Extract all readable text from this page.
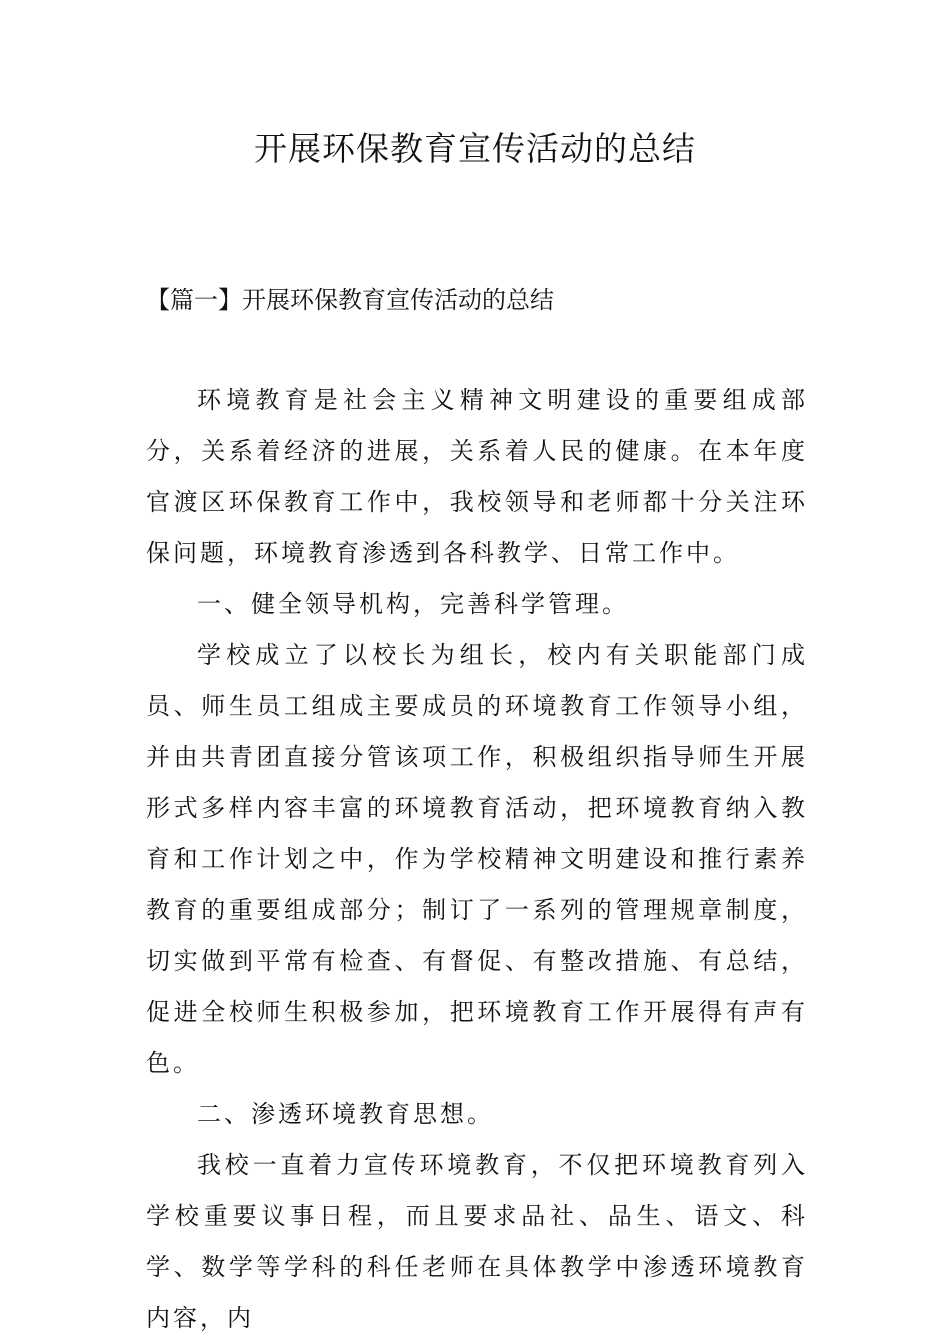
开展环保教育宣传活动的总结
【篇一】开展环保教育宣传活动的总结

环境教育是社会主义精神文明建设的重要组成部分，关系着经济的进展，关系着人民的健康。在本年度官渡区环保教育工作中，我校领导和老师都十分关注环保问题，环境教育渗透到各科教学、日常工作中。

一、健全领导机构，完善科学管理。

学校成立了以校长为组长，校内有关职能部门成员、师生员工组成主要成员的环境教育工作领导小组，并由共青团直接分管该项工作，积极组织指导师生开展形式多样内容丰富的环境教育活动，把环境教育纳入教育和工作计划之中，作为学校精神文明建设和推行素养教育的重要组成部分；制订了一系列的管理规章制度，切实做到平常有检查、有督促、有整改措施、有总结，促进全校师生积极参加，把环境教育工作开展得有声有色。

二、渗透环境教育思想。

我校一直着力宣传环境教育，不仅把环境教育列入学校重要议事日程，而且要求品社、品生、语文、科学、数学等学科的科任老师在具体教学中渗透环境教育内容，内
